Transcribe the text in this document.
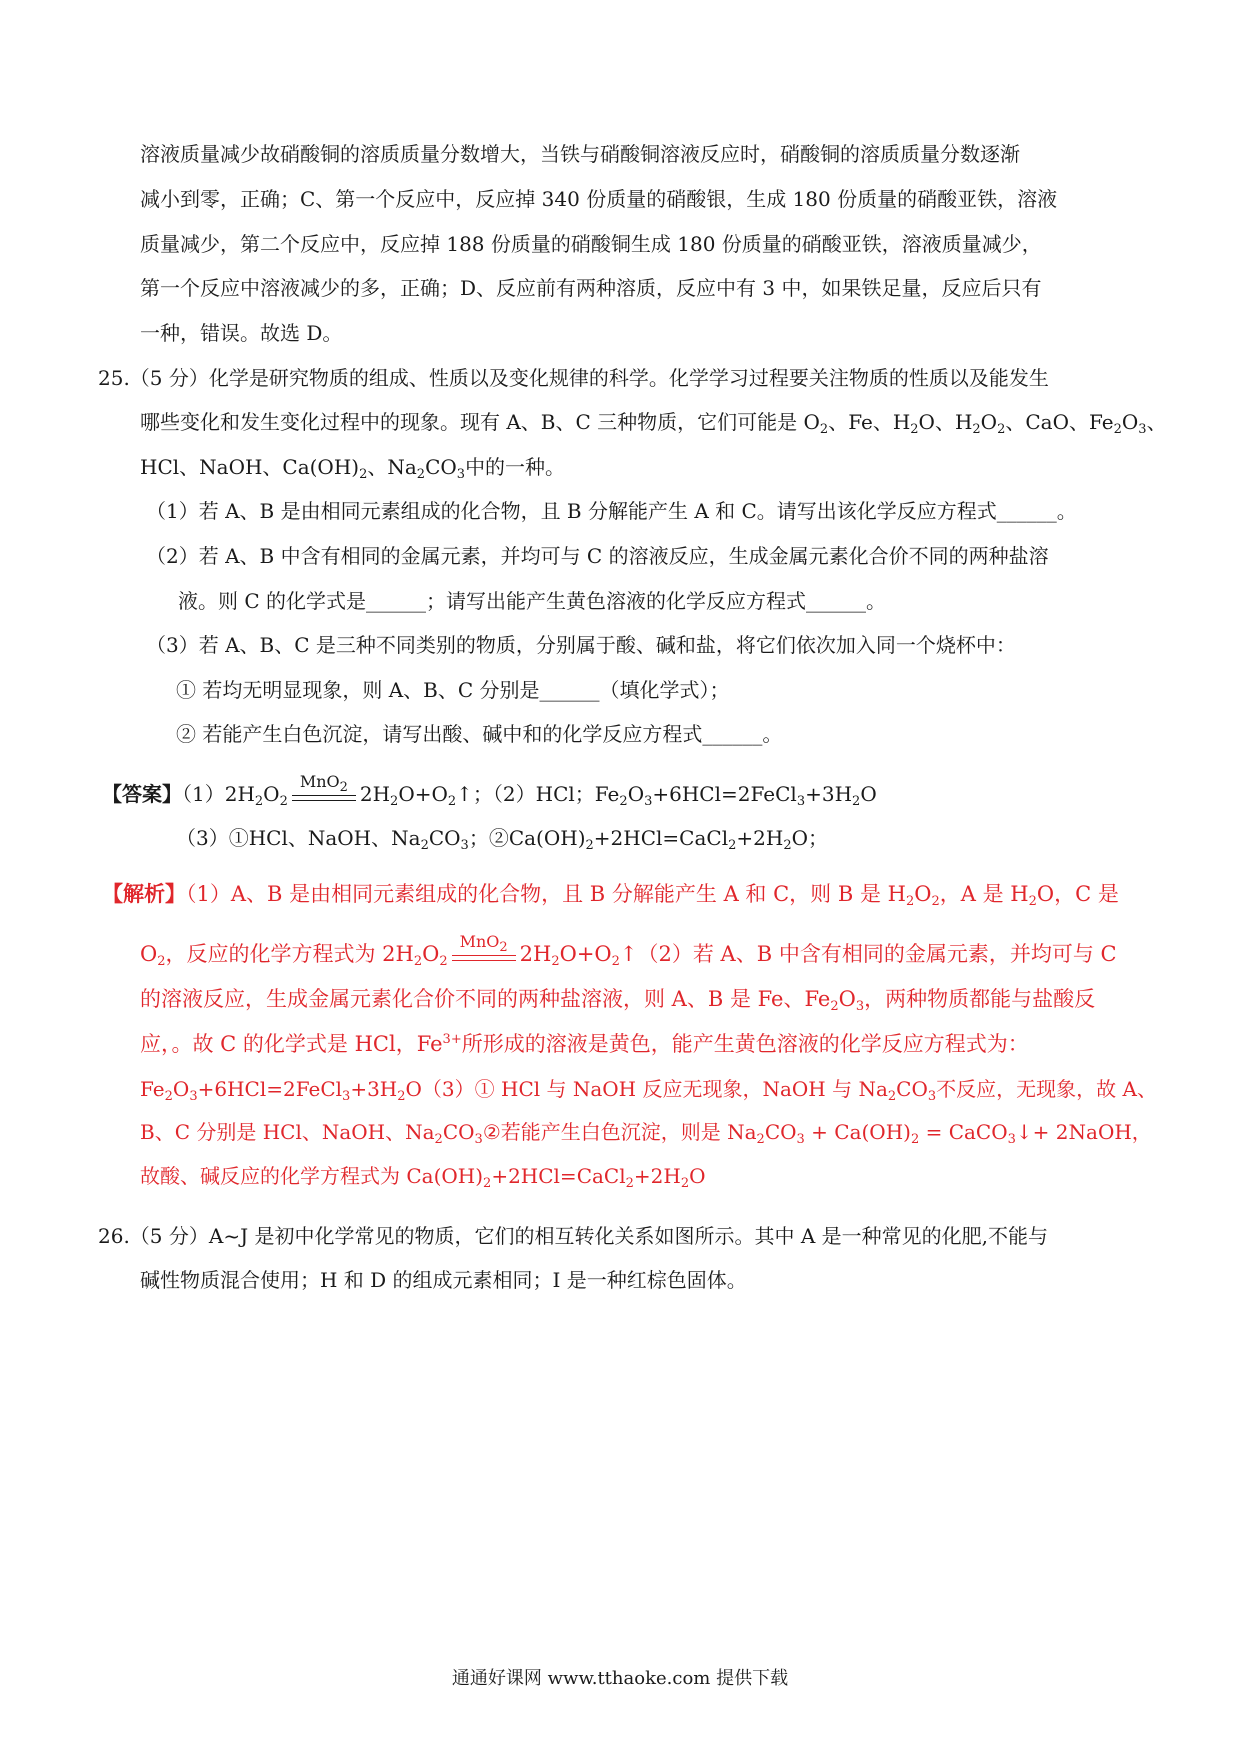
溶液质量减少故硝酸铜的溶质质量分数增大，当铁与硝酸铜溶液反应时，硝酸铜的溶质质量分数逐渐
减小到零，正确；C、第一个反应中，反应掉 340 份质量的硝酸银，生成 180 份质量的硝酸亚铁，溶液
质量减少，第二个反应中，反应掉 188 份质量的硝酸铜生成 180 份质量的硝酸亚铁，溶液质量减少，
第一个反应中溶液减少的多，正确；D、反应前有两种溶质，反应中有 3 中，如果铁足量，反应后只有
一种，错误。故选 D。
25.（5 分）化学是研究物质的组成、性质以及变化规律的科学。化学学习过程要关注物质的性质以及能发生
哪些变化和发生变化过程中的现象。现有 A、B、C 三种物质，它们可能是 $O_2$、Fe、$H_2O$、$H_2O_2$、CaO、$Fe_2O_3$、
HCl、NaOH、$Ca(OH)_2$、$Na_2CO_3$中的一种。
（1）若 A、B 是由相同元素组成的化合物，且 B 分解能产生 A 和 C。请写出该化学反应方程式______。
（2）若 A、B 中含有相同的金属元素，并均可与 C 的溶液反应，生成金属元素化合价不同的两种盐溶
液。则 C 的化学式是______；请写出能产生黄色溶液的化学反应方程式______。
（3）若 A、B、C 是三种不同类别的物质，分别属于酸、碱和盐，将它们依次加入同一个烧杯中：
① 若均无明显现象，则 A、B、C 分别是______（填化学式）；
② 若能产生白色沉淀，请写出酸、碱中和的化学反应方程式______。
【答案】$(1)2H_2O_2$
MnO$_2$ $2H_2O+O_2↑$；（2）HCl；$Fe_2O_3+6HCl=2FeCl_3+3H_2O$
（3）①HCl、NaOH、$Na_2CO_3$；$②Ca(OH)_2+2HCl=CaCl_2+2H_2O$；
【解析】（1）A、B 是由相同元素组成的化合物，且 B 分解能产生 A 和 C，则 B 是 $H_2O_2$，A 是 $H_2O$，C 是
$O_2$，反应的化学方程式为 $2H_2O_2$
MnO$_2$ $2H_2O+O_2↑(2)$若 A、B 中含有相同的金属元素，并均可与 C
的溶液反应，生成金属元素化合价不同的两种盐溶液，则 A、B 是 Fe、$Fe_2O_3$，两种物质都能与盐酸反
应，。故 C 的化学式是 HCl，$Fe^{3+}$所形成的溶液是黄色，能产生黄色溶液的化学反应方程式为：
$Fe_2O_3+6HCl=2FeCl_3+3H_2O(3)①$ HCl 与 NaOH 反应无现象，NaOH 与 $Na_2CO_3$不反应，无现象，故 A、
B、C 分别是 HCl、NaOH、$Na_2CO_3②$若能产生白色沉淀，则是 $Na_2CO_3 + Ca(OH)_2$ = CaCO$_3$↓+ 2NaOH，
故酸、碱反应的化学方程式为 $Ca(OH)_2+2HCl=CaCl_2+2H_2O$
26.（5 分）A~J 是初中化学常见的物质，它们的相互转化关系如图所示。其中 A 是一种常见的化肥,不能与
碱性物质混合使用；H 和 D 的组成元素相同；I 是一种红棕色固体。
通通好课网 www.tthaoke.com 提供下载
